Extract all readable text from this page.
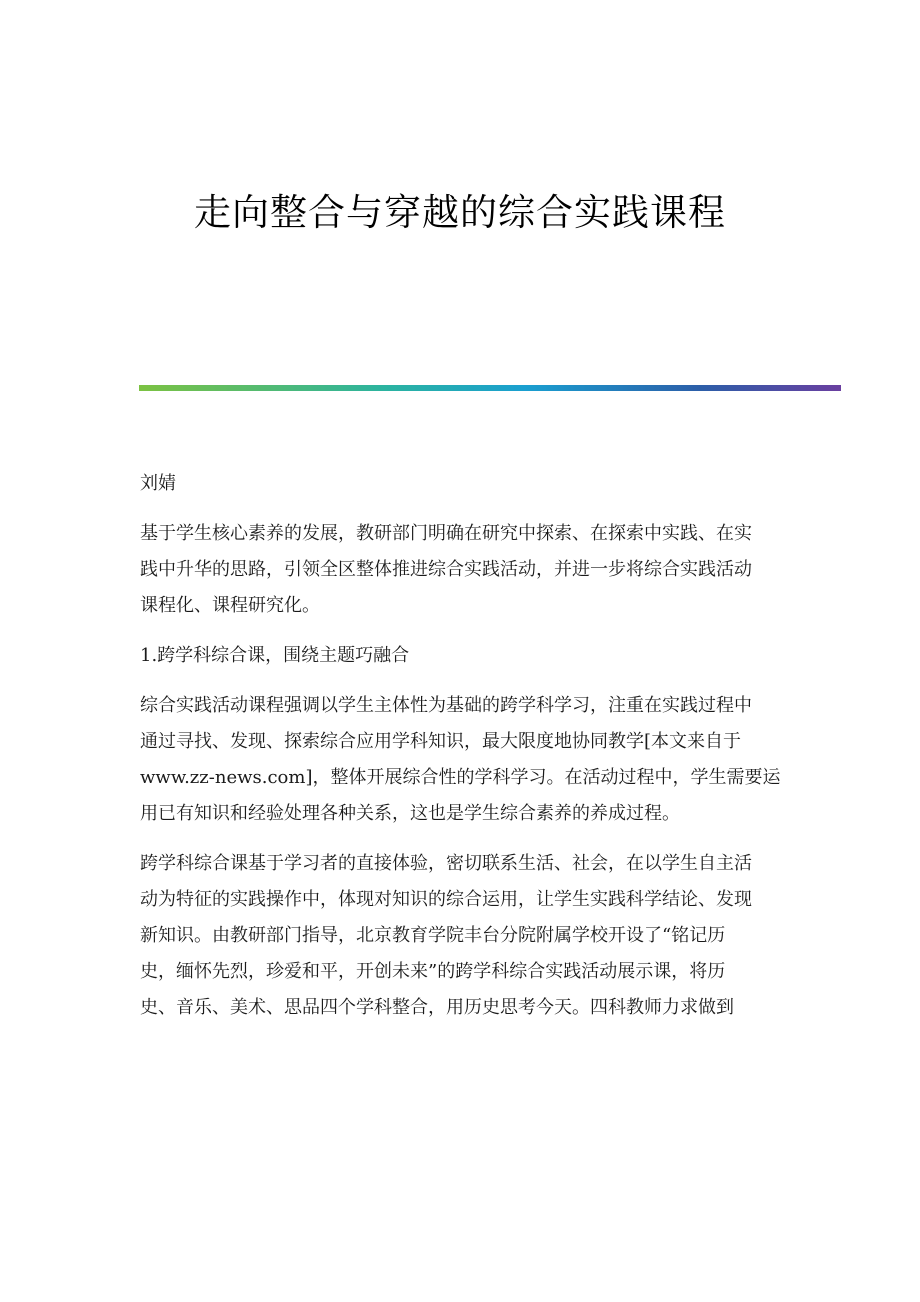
走向整合与穿越的综合实践课程

刘婧

基于学生核心素养的发展，教研部门明确在研究中探索、在探索中实践、在实

践中升华的思路，引领全区整体推进综合实践活动，并进一步将综合实践活动

课程化、课程研究化。

1.跨学科综合课，围绕主题巧融合

综合实践活动课程强调以学生主体性为基础的跨学科学习，注重在实践过程中

通过寻找、发现、探索综合应用学科知识，最大限度地协同教学[本文来自于

www.zz-news.com]，整体开展综合性的学科学习。在活动过程中，学生需要运

用已有知识和经验处理各种关系，这也是学生综合素养的养成过程。

跨学科综合课基于学习者的直接体验，密切联系生活、社会，在以学生自主活

动为特征的实践操作中，体现对知识的综合运用，让学生实践科学结论、发现

新知识。由教研部门指导，北京教育学院丰台分院附属学校开设了“铭记历

史，缅怀先烈，珍爱和平，开创未来”的跨学科综合实践活动展示课，将历

史、音乐、美术、思品四个学科整合，用历史思考今天。四科教师力求做到
